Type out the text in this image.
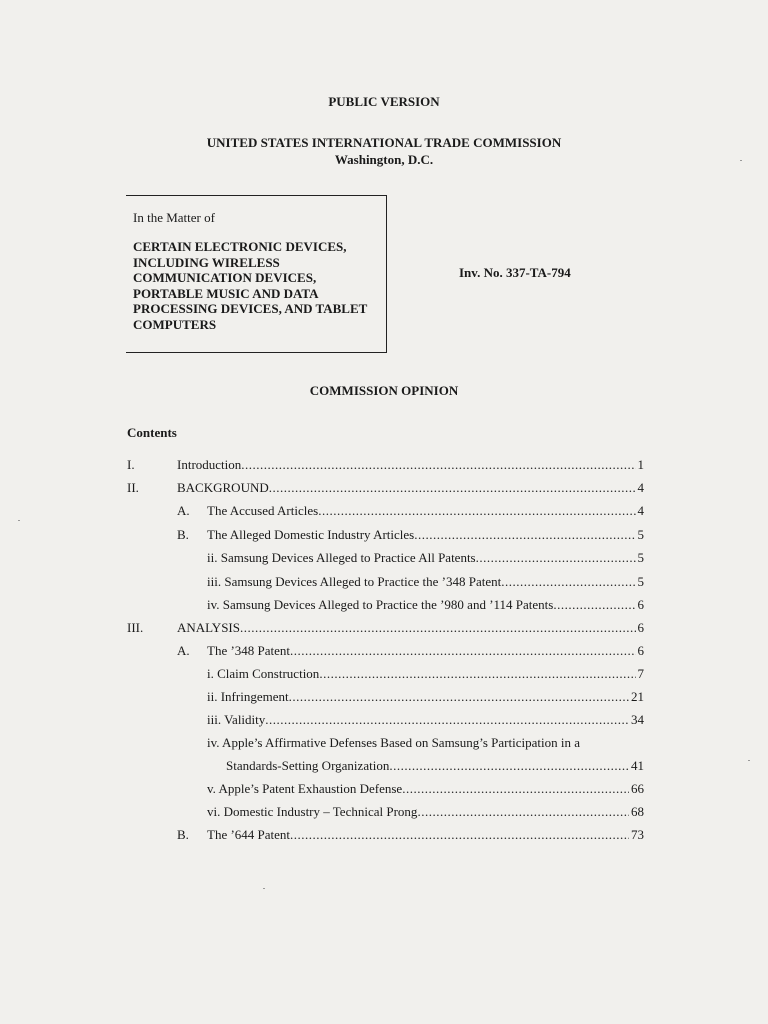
PUBLIC VERSION
UNITED STATES INTERNATIONAL TRADE COMMISSION
Washington, D.C.
In the Matter of
CERTAIN ELECTRONIC DEVICES,
INCLUDING WIRELESS
COMMUNICATION DEVICES,
PORTABLE MUSIC AND DATA
PROCESSING DEVICES, AND TABLET
COMPUTERS
Inv. No. 337-TA-794
COMMISSION OPINION
Contents
I.	Introduction .....	1
II.	BACKGROUND .....	4
A. The Accused Articles .....	4
B. The Alleged Domestic Industry Articles .....	5
ii. Samsung Devices Alleged to Practice All Patents .....	5
iii. Samsung Devices Alleged to Practice the ’348 Patent .....	5
iv. Samsung Devices Alleged to Practice the ’980 and ’114 Patents .....	6
III.	ANALYSIS .....	6
A. The ’348 Patent .....	6
i. Claim Construction .....	7
ii. Infringement .....	21
iii. Validity .....	34
iv. Apple’s Affirmative Defenses Based on Samsung’s Participation in a
Standards-Setting Organization .....	41
v. Apple’s Patent Exhaustion Defense .....	66
vi. Domestic Industry – Technical Prong .....	68
B. The ’644 Patent .....	73
